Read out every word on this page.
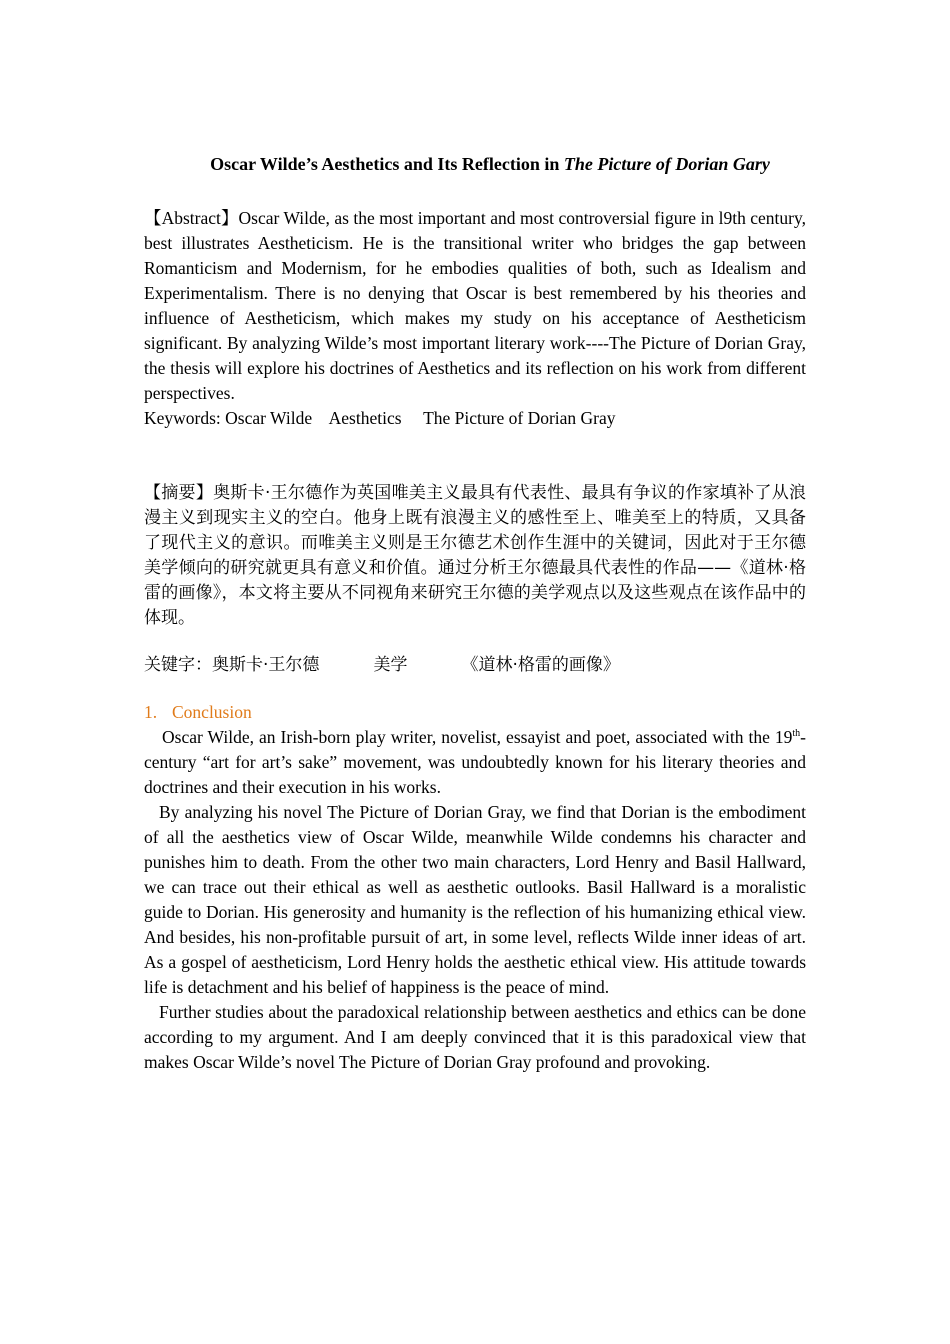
Oscar Wilde’s Aesthetics and Its Reflection in The Picture of Dorian Gary

【Abstract】Oscar Wilde, as the most important and most controversial figure in l9th century, best illustrates Aestheticism. He is the transitional writer who bridges the gap between Romanticism and Modernism, for he embodies qualities of both, such as Idealism and Experimentalism. There is no denying that Oscar is best remembered by his theories and influence of Aestheticism, which makes my study on his acceptance of Aestheticism significant. By analyzing Wilde’s most important literary work----The Picture of Dorian Gray, the thesis will explore his doctrines of Aesthetics and its reflection on his work from different perspectives.

Keywords: Oscar Wilde    Aesthetics     The Picture of Dorian Gray

【摘要】奥斯卡·王尔德作为英国唯美主义最具有代表性、最具有争议的作家填补了从浪漫主义到现实主义的空白。他身上既有浪漫主义的感性至上、唯美至上的特质，又具备了现代主义的意识。而唯美主义则是王尔德艺术创作生涯中的关键词，因此对于王尔德美学倾向的研究就更具有意义和价值。通过分析王尔德最具代表性的作品——《道林·格雷的画像》，本文将主要从不同视角来研究王尔德的美学观点以及这些观点在该作品中的体现。

关键字：奥斯卡·王尔德          美学          《道林·格雷的画像》

1. Conclusion

Oscar Wilde, an Irish-born play writer, novelist, essayist and poet, associated with the 19th-century “art for art’s sake” movement, was undoubtedly known for his literary theories and doctrines and their execution in his works.

By analyzing his novel The Picture of Dorian Gray, we find that Dorian is the embodiment of all the aesthetics view of Oscar Wilde, meanwhile Wilde condemns his character and punishes him to death. From the other two main characters, Lord Henry and Basil Hallward, we can trace out their ethical as well as aesthetic outlooks. Basil Hallward is a moralistic guide to Dorian. His generosity and humanity is the reflection of his humanizing ethical view. And besides, his non-profitable pursuit of art, in some level, reflects Wilde inner ideas of art. As a gospel of aestheticism, Lord Henry holds the aesthetic ethical view. His attitude towards life is detachment and his belief of happiness is the peace of mind.

Further studies about the paradoxical relationship between aesthetics and ethics can be done according to my argument. And I am deeply convinced that it is this paradoxical view that makes Oscar Wilde’s novel The Picture of Dorian Gray profound and provoking.
